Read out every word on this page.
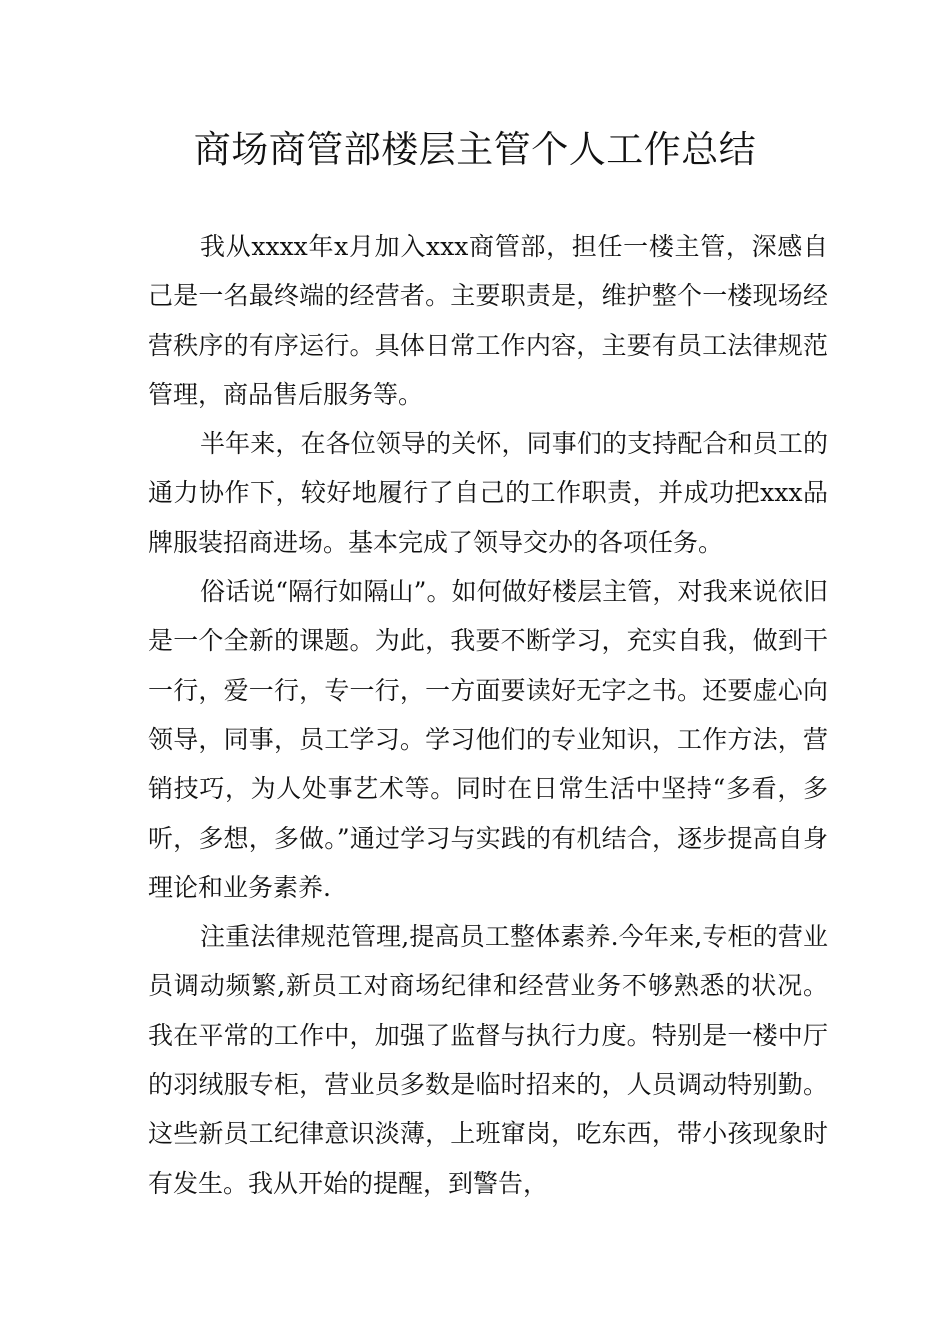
商场商管部楼层主管个人工作总结

我从xxxx年x月加入xxx商管部，担任一楼主管，深感自己是一名最终端的经营者。主要职责是，维护整个一楼现场经营秩序的有序运行。具体日常工作内容，主要有员工法律规范管理，商品售后服务等。

半年来，在各位领导的关怀，同事们的支持配合和员工的通力协作下，较好地履行了自己的工作职责，并成功把xxx品牌服装招商进场。基本完成了领导交办的各项任务。

俗话说“隔行如隔山”。如何做好楼层主管，对我来说依旧是一个全新的课题。为此，我要不断学习，充实自我，做到干一行，爱一行，专一行，一方面要读好无字之书。还要虚心向领导，同事，员工学习。学习他们的专业知识，工作方法，营销技巧，为人处事艺术等。同时在日常生活中坚持“多看，多听，多想，多做。”通过学习与实践的有机结合，逐步提高自身理论和业务素养.

注重法律规范管理,提高员工整体素养.今年来,专柜的营业员调动频繁,新员工对商场纪律和经营业务不够熟悉的状况。我在平常的工作中，加强了监督与执行力度。特别是一楼中厅的羽绒服专柜，营业员多数是临时招来的，人员调动特别勤。这些新员工纪律意识淡薄，上班窜岗，吃东西，带小孩现象时有发生。我从开始的提醒，到警告，
